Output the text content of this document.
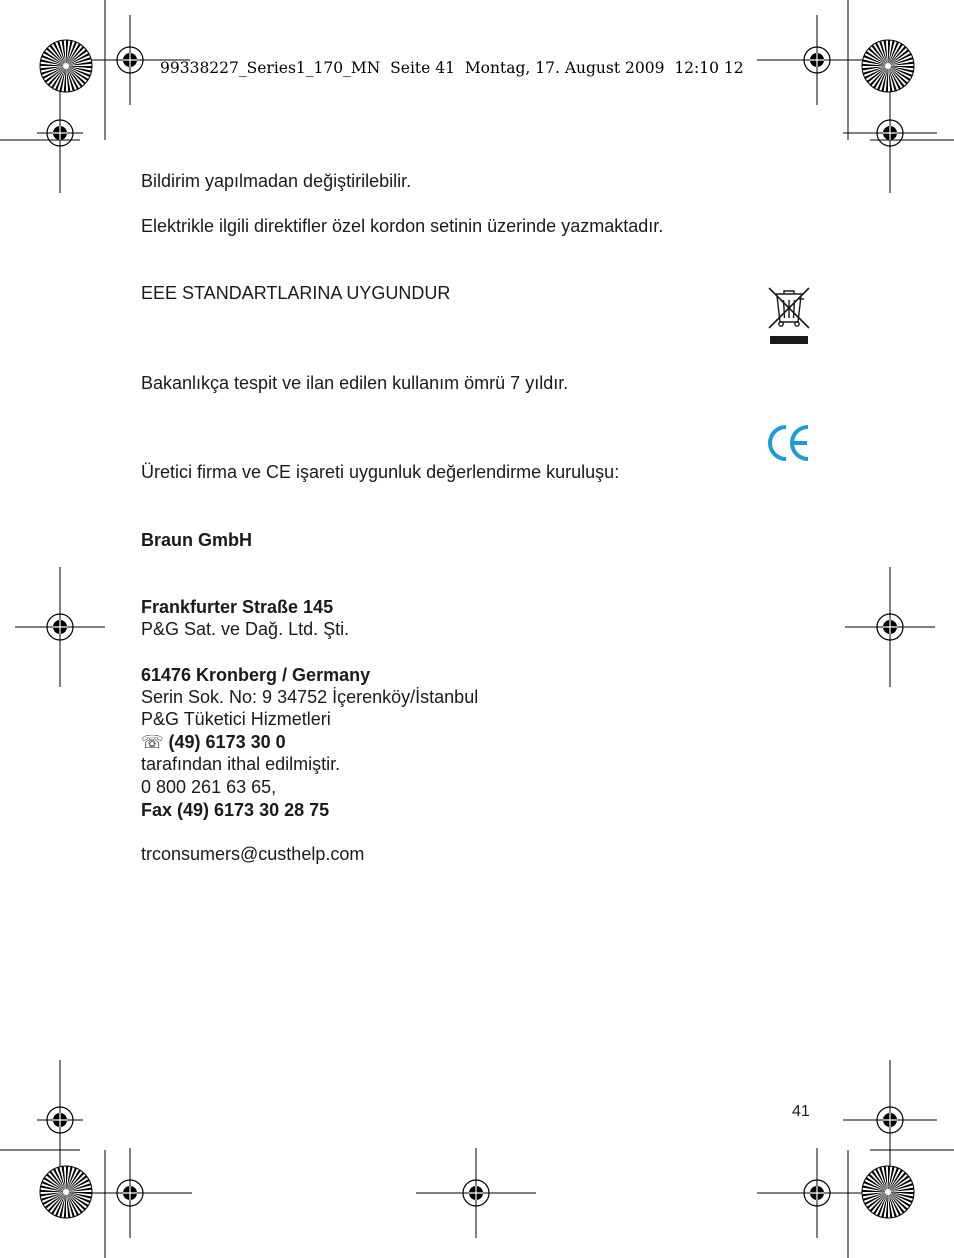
99338227_Series1_170_MN  Seite 41  Montag, 17. August 2009  12:10 12
Bildirim yapılmadan değiştirilebilir.
Elektrikle ilgili direktifler özel kordon setinin üzerinde yazmaktadır.
EEE STANDARTLARINA UYGUNDUR
Bakanlıkça tespit ve ilan edilen kullanım ömrü 7 yıldır.

Üretici firma ve CE işareti uygunluk değerlendirme kuruluşu:

Braun GmbH

Frankfurter Straße 145

61476 Kronberg / Germany

☏ (49) 6173 30 0

Fax (49) 6173 30 28 75

P&G Sat. ve Dağ. Ltd. Şti.

Serin Sok. No: 9 34752 İçerenköy/İstanbul

tarafından ithal edilmiştir.

P&G Tüketici Hizmetleri

0 800 261 63 65,

trconsumers@custhelp.com

41
